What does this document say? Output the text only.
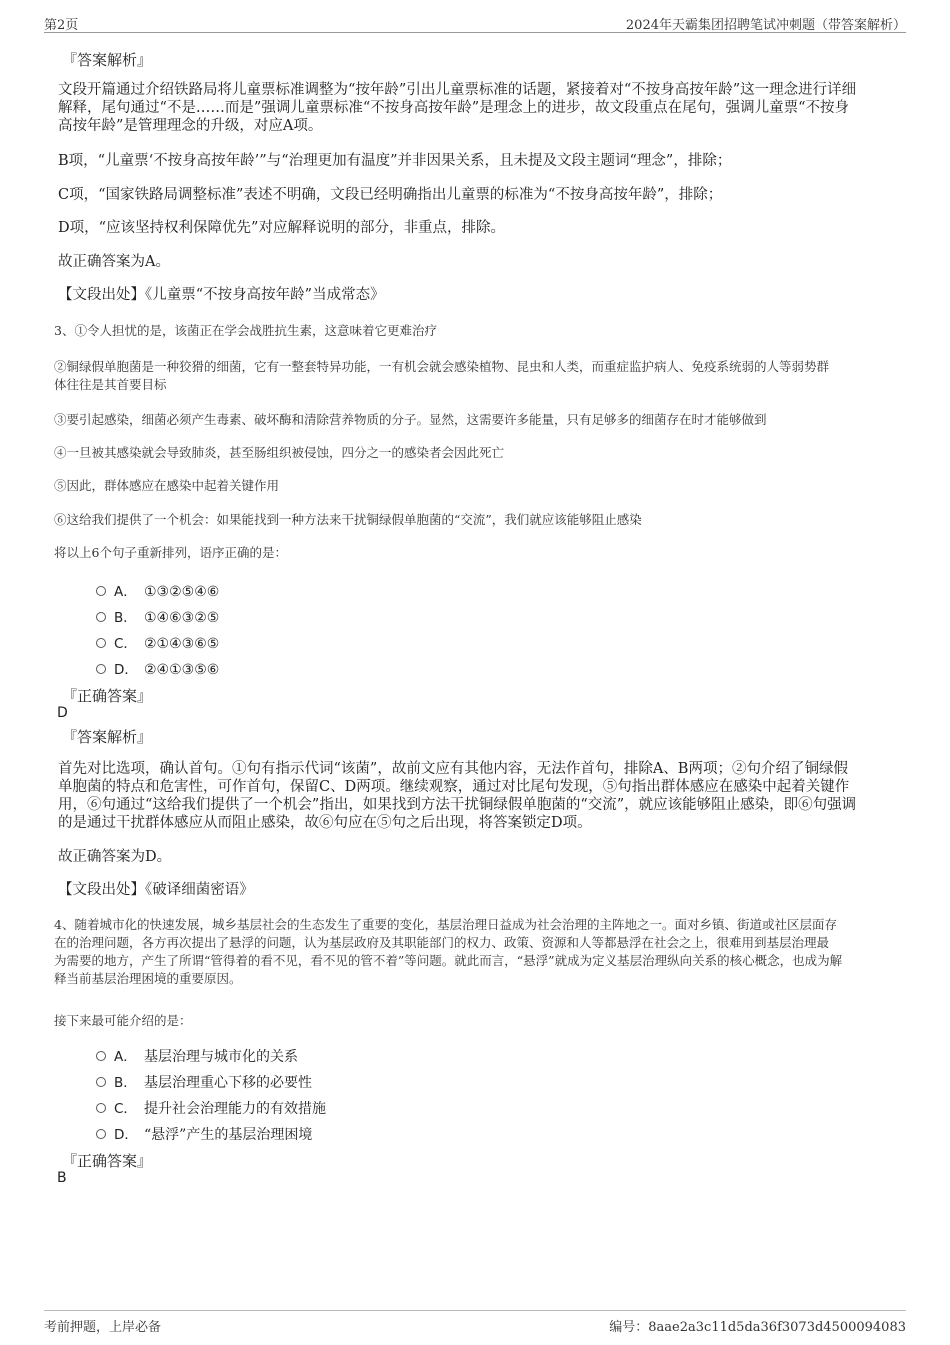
第2页	2024年天霸集团招聘笔试冲刺题（带答案解析）
『答案解析』
文段开篇通过介绍铁路局将儿童票标准调整为“按年龄”引出儿童票标准的话题，紧接着对“不按身高按年龄”这一理念进行详细
解释，尾句通过“不是……而是”强调儿童票标准“不按身高按年龄”是理念上的进步，故文段重点在尾句，强调儿童票“不按身
高按年龄”是管理理念的升级，对应A项。
B项，“儿童票‘不按身高按年龄’”与“治理更加有温度”并非因果关系，且未提及文段主题词“理念”，排除；
C项，“国家铁路局调整标准”表述不明确，文段已经明确指出儿童票的标准为“不按身高按年龄”，排除；
D项，“应该坚持权利保障优先”对应解释说明的部分，非重点，排除。
故正确答案为A。
【文段出处】《儿童票“不按身高按年龄”当成常态》
3、①令人担忧的是，该菌正在学会战胜抗生素，这意味着它更难治疗
②铜绿假单胞菌是一种狡猾的细菌，它有一整套特异功能，一有机会就会感染植物、昆虫和人类，而重症监护病人、免疫系统弱的人等弱势群
体往往是其首要目标
③要引起感染，细菌必须产生毒素、破坏酶和清除营养物质的分子。显然，这需要许多能量，只有足够多的细菌存在时才能够做到
④一旦被其感染就会导致肺炎，甚至肠组织被侵蚀，四分之一的感染者会因此死亡
⑤因此，群体感应在感染中起着关键作用
⑥这给我们提供了一个机会：如果能找到一种方法来干扰铜绿假单胞菌的“交流”，我们就应该能够阻止感染
将以上6个句子重新排列，语序正确的是：
A． ①③②⑤④⑥
B． ①④⑥③②⑤
C． ②①④③⑥⑤
D． ②④①③⑤⑥
『正确答案』
D
『答案解析』
首先对比选项，确认首句。①句有指示代词“该菌”，故前文应有其他内容，无法作首句，排除A、B两项；②句介绍了铜绿假
单胞菌的特点和危害性，可作首句，保留C、D两项。继续观察，通过对比尾句发现，⑤句指出群体感应在感染中起着关键作
用，⑥句通过“这给我们提供了一个机会”指出，如果找到方法干扰铜绿假单胞菌的“交流”，就应该能够阻止感染，即⑥句强调
的是通过干扰群体感应从而阻止感染，故⑥句应在⑤句之后出现，将答案锁定D项。
故正确答案为D。
【文段出处】《破译细菌密语》
4、随着城市化的快速发展，城乡基层社会的生态发生了重要的变化，基层治理日益成为社会治理的主阵地之一。面对乡镇、街道或社区层面存
在的治理问题，各方再次提出了悬浮的问题，认为基层政府及其职能部门的权力、政策、资源和人等都悬浮在社会之上，很难用到基层治理最
为需要的地方，产生了所谓“管得着的看不见，看不见的管不着”等问题。就此而言，“悬浮”就成为定义基层治理纵向关系的核心概念，也成为解
释当前基层治理困境的重要原因。
接下来最可能介绍的是：
A． 基层治理与城市化的关系
B． 基层治理重心下移的必要性
C． 提升社会治理能力的有效措施
D． “悬浮”产生的基层治理困境
『正确答案』
B
考前押题，上岸必备	编号：8aae2a3c11d5da36f3073d4500094083
